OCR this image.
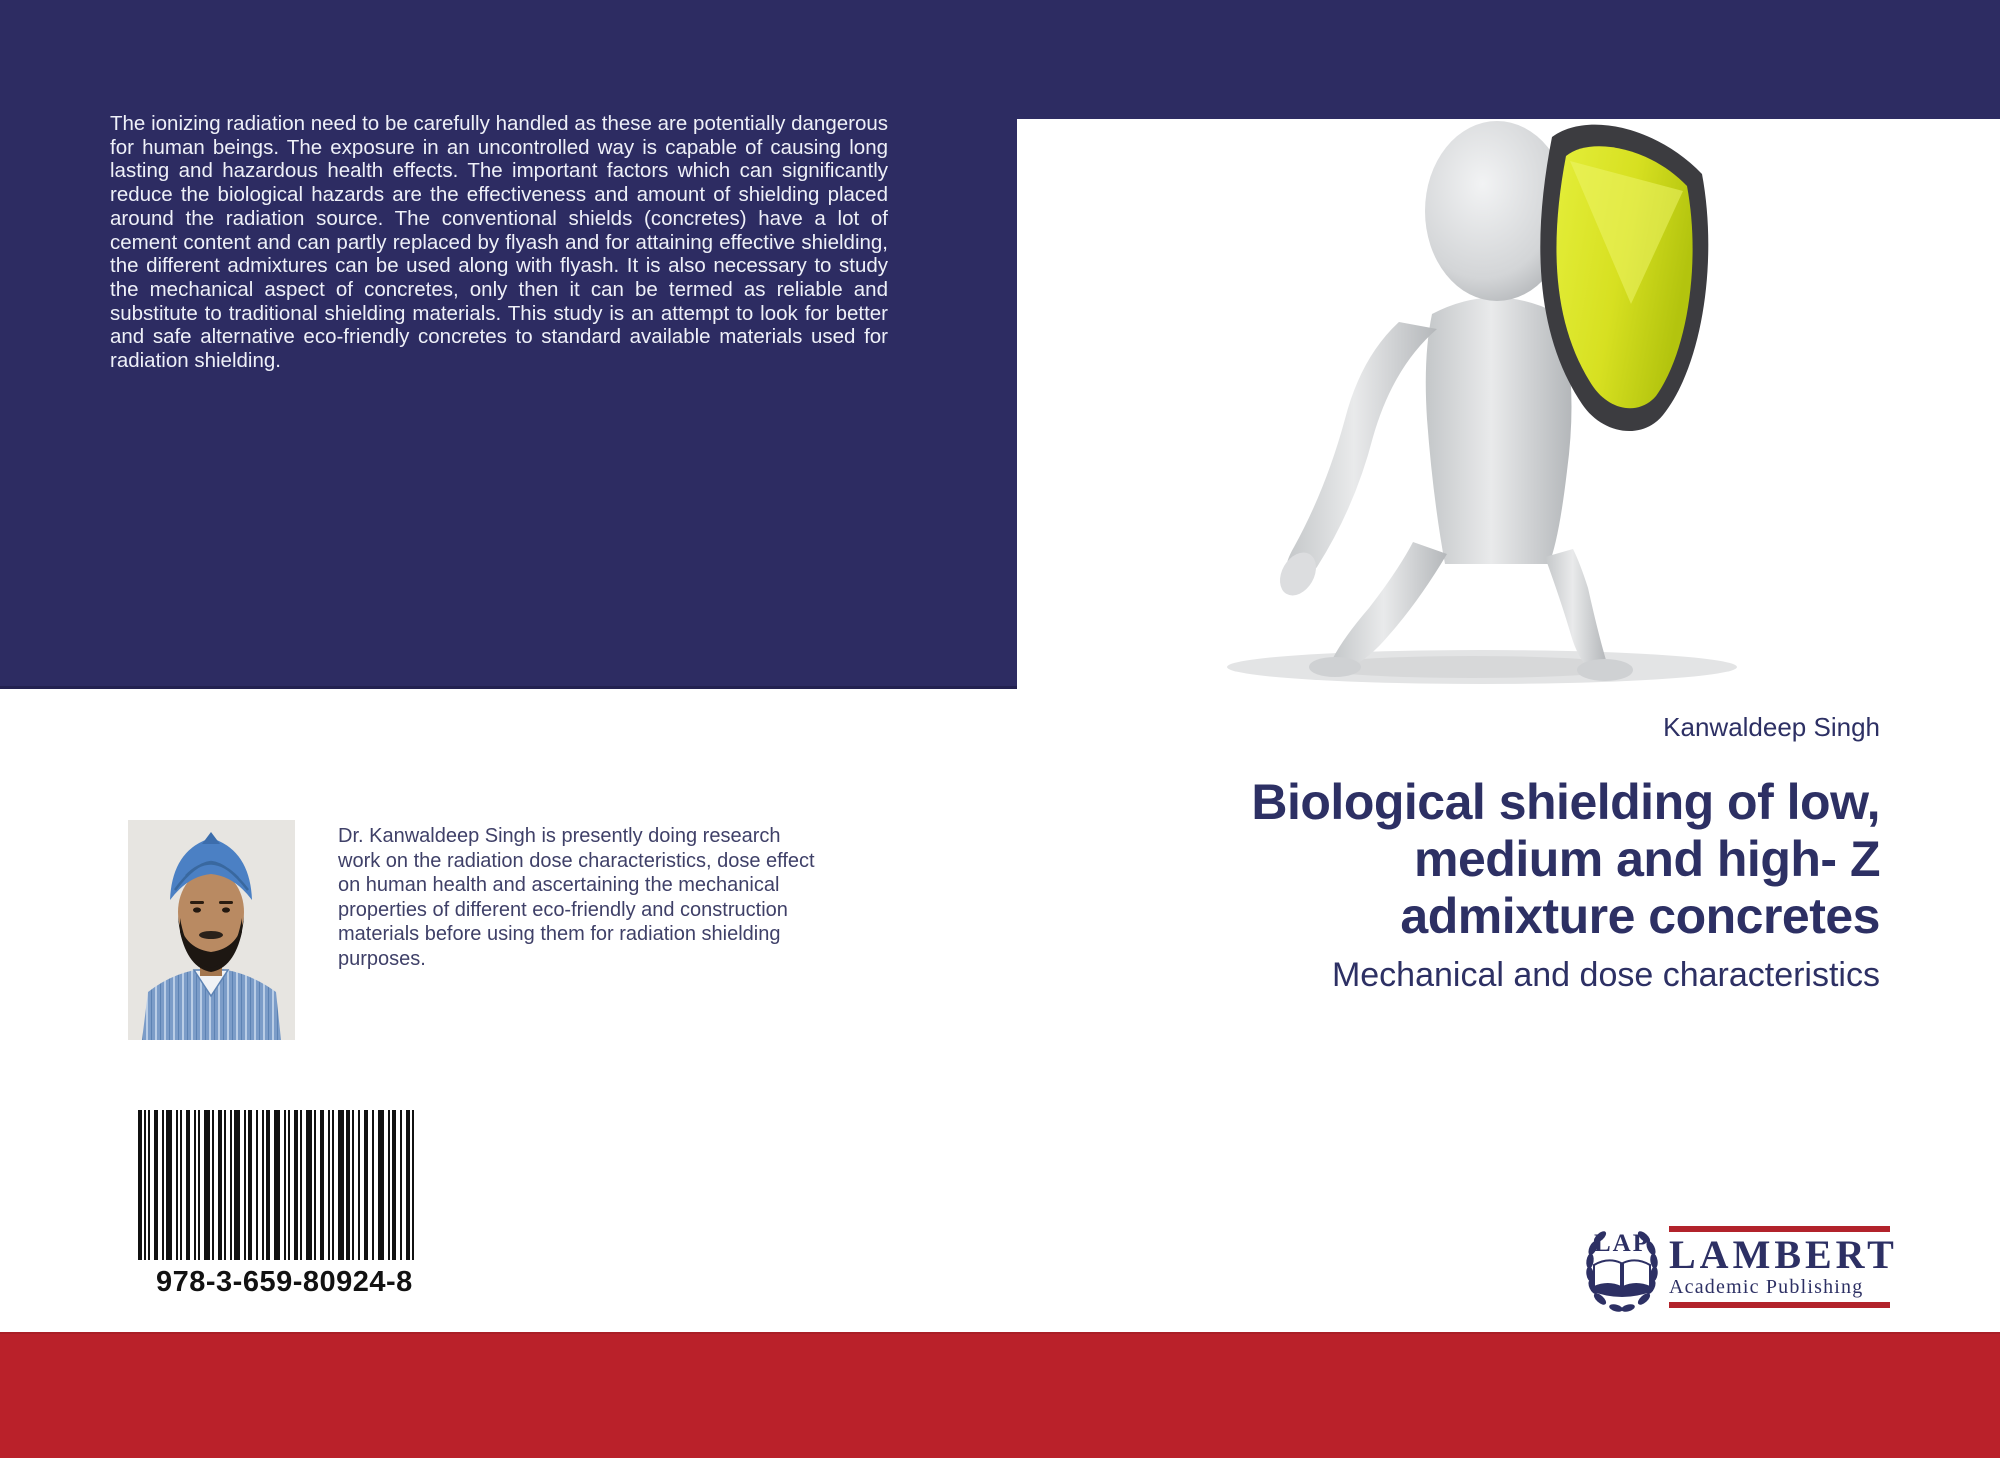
The ionizing radiation need to be carefully handled as these are potentially dangerous for human beings. The exposure in an uncontrolled way is capable of causing long lasting and hazardous health effects. The important factors which can significantly reduce the biological hazards are the effectiveness and amount of shielding placed around the radiation source. The conventional shields (concretes) have a lot of cement content and can partly replaced by flyash and for attaining effective shielding, the different admixtures can be used along with flyash. It is also necessary to study the mechanical aspect of concretes, only then it can be termed as reliable and substitute to traditional shielding materials. This study is an attempt to look for better and safe alternative eco-friendly concretes to standard available materials used for radiation shielding.

Kanwaldeep Singh
Biological shielding of low,
medium and high- Z
admixture concretes
Mechanical and dose characteristics

Dr. Kanwaldeep Singh is presently doing research work on the radiation dose characteristics, dose effect on human health and ascertaining the mechanical properties of different eco-friendly and construction materials before using them for radiation shielding purposes.

978-3-659-80924-8
LAP LAMBERT
Academic Publishing
